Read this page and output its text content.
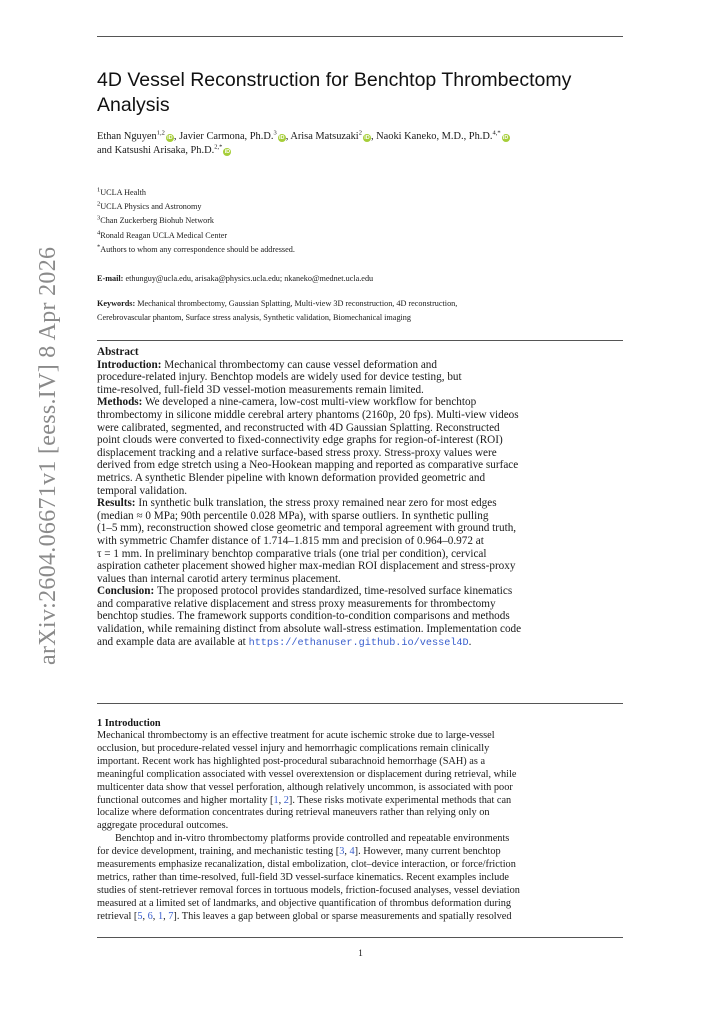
arXiv:2604.06671v1 [eess.IV] 8 Apr 2026
4D Vessel Reconstruction for Benchtop Thrombectomy Analysis
Ethan Nguyen$^{1,2}$iD, Javier Carmona, Ph.D.$^3$iD, Arisa Matsuzaki$^2$iD, Naoki Kaneko, M.D., Ph.D.$^{4,*}$iD
and Katsushi Arisaka, Ph.D.$^{2,*}$iD
$^1$UCLA Health
$^2$UCLA Physics and Astronomy
$^3$Chan Zuckerberg Biohub Network
$^4$Ronald Reagan UCLA Medical Center
*Authors to whom any correspondence should be addressed.
E-mail: ethunguy@ucla.edu, arisaka@physics.ucla.edu; nkaneko@mednet.ucla.edu
Keywords: Mechanical thrombectomy, Gaussian Splatting, Multi-view 3D reconstruction, 4D reconstruction,
Cerebrovascular phantom, Surface stress analysis, Synthetic validation, Biomechanical imaging
Abstract
Introduction: Mechanical thrombectomy can cause vessel deformation and
procedure-related injury. Benchtop models are widely used for device testing, but
time-resolved, full-field 3D vessel-motion measurements remain limited.
Methods: We developed a nine-camera, low-cost multi-view workflow for benchtop
thrombectomy in silicone middle cerebral artery phantoms (2160p, 20 fps). Multi-view videos
were calibrated, segmented, and reconstructed with 4D Gaussian Splatting. Reconstructed
point clouds were converted to fixed-connectivity edge graphs for region-of-interest (ROI)
displacement tracking and a relative surface-based stress proxy. Stress-proxy values were
derived from edge stretch using a Neo-Hookean mapping and reported as comparative surface
metrics. A synthetic Blender pipeline with known deformation provided geometric and
temporal validation.
Results: In synthetic bulk translation, the stress proxy remained near zero for most edges
(median ≈ 0 MPa; 90th percentile 0.028 MPa), with sparse outliers. In synthetic pulling
(1–5 mm), reconstruction showed close geometric and temporal agreement with ground truth,
with symmetric Chamfer distance of 1.714–1.815 mm and precision of 0.964–0.972 at
τ = 1 mm. In preliminary benchtop comparative trials (one trial per condition), cervical
aspiration catheter placement showed higher max-median ROI displacement and stress-proxy
values than internal carotid artery terminus placement.
Conclusion: The proposed protocol provides standardized, time-resolved surface kinematics
and comparative relative displacement and stress proxy measurements for thrombectomy
benchtop studies. The framework supports condition-to-condition comparisons and methods
validation, while remaining distinct from absolute wall-stress estimation. Implementation code
and example data are available at https://ethanuser.github.io/vessel4D.
1 Introduction
Mechanical thrombectomy is an effective treatment for acute ischemic stroke due to large-vessel
occlusion, but procedure-related vessel injury and hemorrhagic complications remain clinically
important. Recent work has highlighted post-procedural subarachnoid hemorrhage (SAH) as a
meaningful complication associated with vessel overextension or displacement during retrieval, while
multicenter data show that vessel perforation, although relatively uncommon, is associated with poor
functional outcomes and higher mortality [1, 2]. These risks motivate experimental methods that can
localize where deformation concentrates during retrieval maneuvers rather than relying only on
aggregate procedural outcomes.
Benchtop and in-vitro thrombectomy platforms provide controlled and repeatable environments
for device development, training, and mechanistic testing [3, 4]. However, many current benchtop
measurements emphasize recanalization, distal embolization, clot–device interaction, or force/friction
metrics, rather than time-resolved, full-field 3D vessel-surface kinematics. Recent examples include
studies of stent-retriever removal forces in tortuous models, friction-focused analyses, vessel deviation
measured at a limited set of landmarks, and objective quantification of thrombus deformation during
retrieval [5, 6, 1, 7]. This leaves a gap between global or sparse measurements and spatially resolved
1
